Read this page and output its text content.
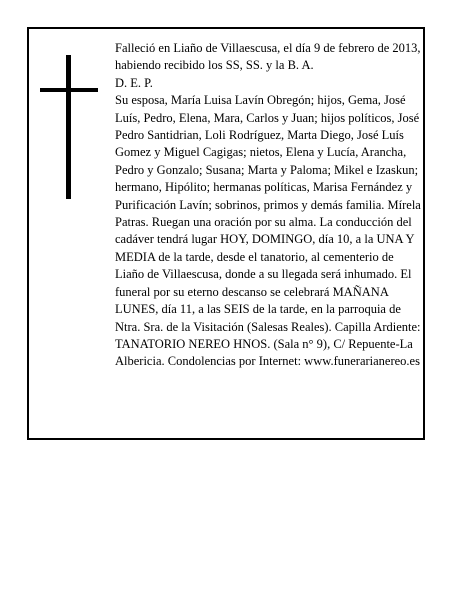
Falleció en Liaño de Villaescusa, el día 9 de febrero de 2013, habiendo recibido los SS, SS. y la B. A.

D. E. P.

Su esposa, María Luisa Lavín Obregón; hijos, Gema, José Luís, Pedro, Elena, Mara, Carlos y Juan; hijos políticos, José Pedro Santidrian, Loli Rodríguez, Marta Diego, José Luís Gomez y Miguel Cagigas; nietos, Elena y Lucía, Arancha, Pedro y Gonzalo; Susana; Marta y Paloma; Mikel e Izaskun; hermano, Hipólito; hermanas políticas, Marisa Fernández y Purificación Lavín; sobrinos, primos y demás familia. Mírela Patras. Ruegan una oración por su alma. La conducción del cadáver tendrá lugar HOY, DOMINGO, día 10, a la UNA Y MEDIA de la tarde, desde el tanatorio, al cementerio de Liaño de Villaescusa, donde a su llegada será inhumado. El funeral por su eterno descanso se celebrará MAÑANA LUNES, día 11, a las SEIS de la tarde, en la parroquia de Ntra. Sra. de la Visitación (Salesas Reales). Capilla Ardiente: TANATORIO NEREO HNOS. (Sala n° 9), C/ Repuente-La Albericia. Condolencias por Internet: www.funerarianereo.es
